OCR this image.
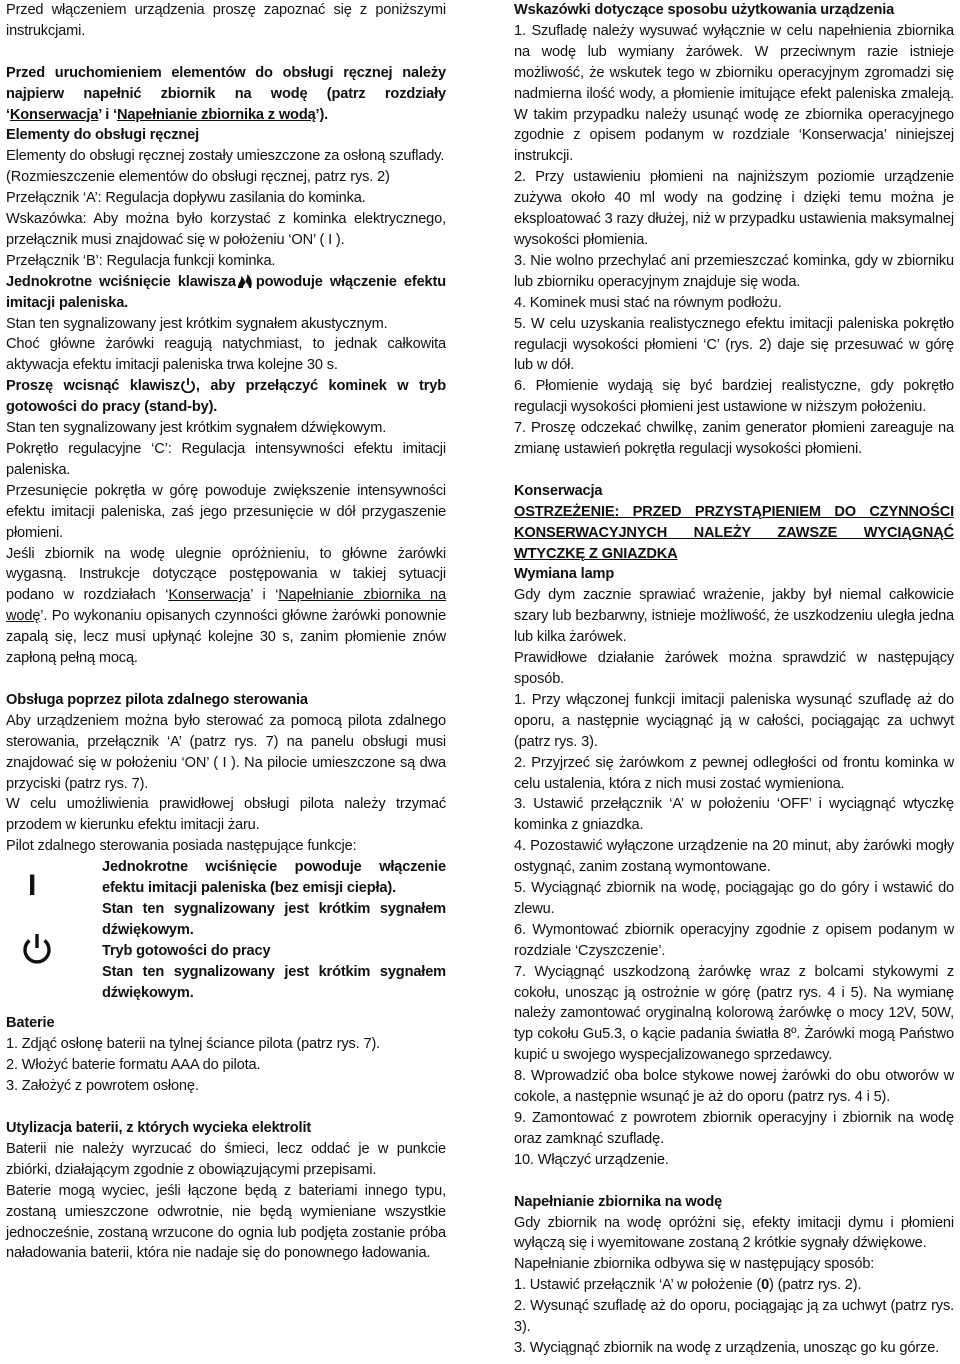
Przed włączeniem urządzenia proszę zapoznać się z poniższymi instrukcjami.

Przed uruchomieniem elementów do obsługi ręcznej należy najpierw napełnić zbiornik na wodę (patrz rozdziały ‘Konserwacja’ i ‘Napełnianie zbiornika z wodą’).

Elementy do obsługi ręcznej

Elementy do obsługi ręcznej zostały umieszczone za osłoną szuflady.

(Rozmieszczenie elementów do obsługi ręcznej, patrz rys. 2)

Przełącznik ‘A’: Regulacja dopływu zasilania do kominka.

Wskazówka: Aby można było korzystać z kominka elektrycznego, przełącznik musi znajdować się w położeniu ‘ON’ ( I ).

Przełącznik ‘B’: Regulacja funkcji kominka.

Jednokrotne wciśnięcie klawisza powoduje włączenie efektu imitacji paleniska.

Stan ten sygnalizowany jest krótkim sygnałem akustycznym.

Choć główne żarówki reagują natychmiast, to jednak całkowita aktywacja efektu imitacji paleniska trwa kolejne 30 s.

Proszę wcisnąć klawisz , aby przełączyć kominek w tryb gotowości do pracy (stand-by).

Stan ten sygnalizowany jest krótkim sygnałem dźwiękowym.

Pokrętło regulacyjne ‘C’: Regulacja intensywności efektu imitacji paleniska.

Przesunięcie pokrętła w górę powoduje zwiększenie intensywności efektu imitacji paleniska, zaś jego przesunięcie w dół przygaszenie płomieni.

Jeśli zbiornik na wodę ulegnie opróżnieniu, to główne żarówki wygasną. Instrukcje dotyczące postępowania w takiej sytuacji podano w rozdziałach ‘Konserwacja’ i ‘Napełnianie zbiornika na wodę’. Po wykonaniu opisanych czynności główne żarówki ponownie zapalą się, lecz musi upłynąć kolejne 30 s, zanim płomienie znów zapłoną pełną mocą.

Obsługa poprzez pilota zdalnego sterowania

Aby urządzeniem można było sterować za pomocą pilota zdalnego sterowania, przełącznik ‘A’ (patrz rys. 7) na panelu obsługi musi znajdować się w położeniu ‘ON’ ( I ). Na pilocie umieszczone są dwa przyciski (patrz rys. 7).

W celu umożliwienia prawidłowej obsługi pilota należy trzymać przodem w kierunku efektu imitacji żaru.

Pilot zdalnego sterowania posiada następujące funkcje:

I

Jednokrotne wciśnięcie powoduje włączenie efektu imitacji paleniska (bez emisji ciepła).

Stan ten sygnalizowany jest krótkim sygnałem dźwiękowym.

Tryb gotowości do pracy

Stan ten sygnalizowany jest krótkim sygnałem dźwiękowym.

Baterie

1. Zdjąć osłonę baterii na tylnej ściance pilota (patrz rys. 7).

2. Włożyć baterie formatu AAA do pilota.

3. Założyć z powrotem osłonę.

Utylizacja baterii, z których wycieka elektrolit

Baterii nie należy wyrzucać do śmieci, lecz oddać je w punkcie zbiórki, działającym zgodnie z obowiązującymi przepisami.

Baterie mogą wyciec, jeśli łączone będą z bateriami innego typu, zostaną umieszczone odwrotnie, nie będą wymieniane wszystkie jednocześnie, zostaną wrzucone do ognia lub podjęta zostanie próba naładowania baterii, która nie nadaje się do ponownego ładowania.

Wskazówki dotyczące sposobu użytkowania urządzenia

1. Szufladę należy wysuwać wyłącznie w celu napełnienia zbiornika na wodę lub wymiany żarówek. W przeciwnym razie istnieje możliwość, że wskutek tego w zbiorniku operacyjnym zgromadzi się nadmierna ilość wody, a płomienie imitujące efekt paleniska zmaleją. W takim przypadku należy usunąć wodę ze zbiornika operacyjnego zgodnie z opisem podanym w rozdziale ‘Konserwacja’ niniejszej instrukcji.

2. Przy ustawieniu płomieni na najniższym poziomie urządzenie zużywa około 40 ml wody na godzinę i dzięki temu można je eksploatować 3 razy dłużej, niż w przypadku ustawienia maksymalnej wysokości płomienia.

3. Nie wolno przechylać ani przemieszczać kominka, gdy w zbiorniku lub zbiorniku operacyjnym znajduje się woda.

4. Kominek musi stać na równym podłożu.

5. W celu uzyskania realistycznego efektu imitacji paleniska pokrętło regulacji wysokości płomieni ‘C’ (rys. 2) daje się przesuwać w górę lub w dół.

6. Płomienie wydają się być bardziej realistyczne, gdy pokrętło regulacji wysokości płomieni jest ustawione w niższym położeniu.

7. Proszę odczekać chwilkę, zanim generator płomieni zareaguje na zmianę ustawień pokrętła regulacji wysokości płomieni.

Konserwacja

OSTRZEŻENIE: PRZED PRZYSTĄPIENIEM DO CZYNNOŚCI KONSERWACYJNYCH NALEŻY ZAWSZE WYCIĄGNĄĆ WTYCZKĘ Z GNIAZDKA

Wymiana lamp

Gdy dym zacznie sprawiać wrażenie, jakby był niemal całkowicie szary lub bezbarwny, istnieje możliwość, że uszkodzeniu uległa jedna lub kilka żarówek.

Prawidłowe działanie żarówek można sprawdzić w następujący sposób.

1. Przy włączonej funkcji imitacji paleniska wysunąć szufladę aż do oporu, a następnie wyciągnąć ją w całości, pociągając za uchwyt (patrz rys. 3).

2. Przyjrzeć się żarówkom z pewnej odległości od frontu kominka w celu ustalenia, która z nich musi zostać wymieniona.

3. Ustawić przełącznik ‘A’ w położeniu ‘OFF’ i wyciągnąć wtyczkę kominka z gniazdka.

4. Pozostawić wyłączone urządzenie na 20 minut, aby żarówki mogły ostygnąć, zanim zostaną wymontowane.

5. Wyciągnąć zbiornik na wodę, pociągając go do góry i wstawić do zlewu.

6. Wymontować zbiornik operacyjny zgodnie z opisem podanym w rozdziale ‘Czyszczenie’.

7. Wyciągnąć uszkodzoną żarówkę wraz z bolcami stykowymi z cokołu, unosząc ją ostrożnie w górę (patrz rys. 4 i 5). Na wymianę należy zamontować oryginalną kolorową żarówkę o mocy 12V, 50W, typ cokołu Gu5.3, o kącie padania światła 8º. Żarówki mogą Państwo kupić u swojego wyspecjalizowanego sprzedawcy.

8. Wprowadzić oba bolce stykowe nowej żarówki do obu otworów w cokole, a następnie wsunąć je aż do oporu (patrz rys. 4 i 5).

9. Zamontować z powrotem zbiornik operacyjny i zbiornik na wodę oraz zamknąć szufladę.

10. Włączyć urządzenie.

Napełnianie zbiornika na wodę

Gdy zbiornik na wodę opróżni się, efekty imitacji dymu i płomieni wyłączą się i wyemitowane zostaną 2 krótkie sygnały dźwiękowe.

Napełnianie zbiornika odbywa się w następujący sposób:

1. Ustawić przełącznik ‘A’ w położenie (0) (patrz rys. 2).

2. Wysunąć szufladę aż do oporu, pociągając ją za uchwyt (patrz rys. 3).

3. Wyciągnąć zbiornik na wodę z urządzenia, unosząc go ku górze.
